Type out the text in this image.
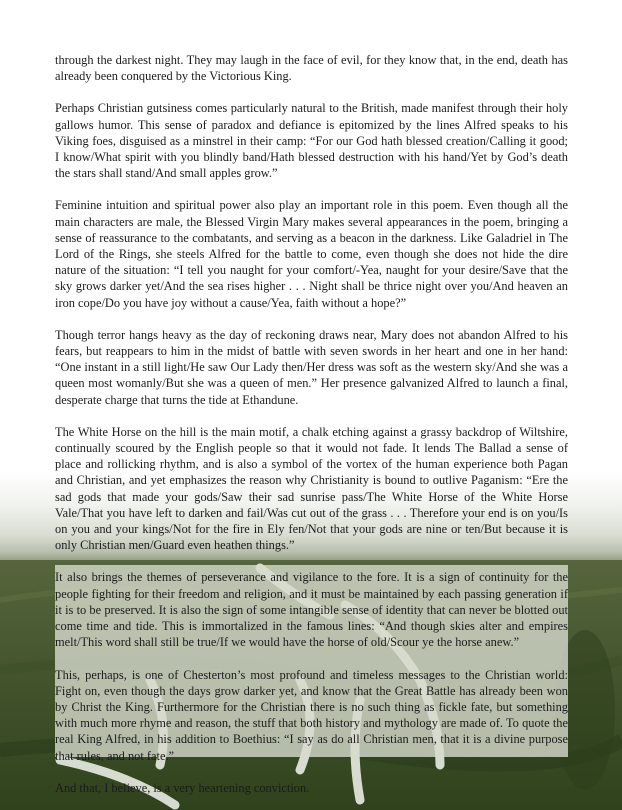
through the darkest night. They may laugh in the face of evil, for they know that, in the end, death has already been conquered by the Victorious King.

Perhaps Christian gutsiness comes particularly natural to the British, made manifest through their holy gallows humor. This sense of paradox and defiance is epitomized by the lines Alfred speaks to his Viking foes, disguised as a minstrel in their camp: “For our God hath blessed creation/Calling it good; I know/What spirit with you blindly band/Hath blessed destruction with his hand/Yet by God’s death the stars shall stand/And small apples grow.”

Feminine intuition and spiritual power also play an important role in this poem. Even though all the main characters are male, the Blessed Virgin Mary makes several appearances in the poem, bringing a sense of reassurance to the combatants, and serving as a beacon in the darkness. Like Galadriel in The Lord of the Rings, she steels Alfred for the battle to come, even though she does not hide the dire nature of the situation: “I tell you naught for your comfort/-Yea, naught for your desire/Save that the sky grows darker yet/And the sea rises higher . . . Night shall be thrice night over you/And heaven an iron cope/Do you have joy without a cause/Yea, faith without a hope?”

Though terror hangs heavy as the day of reckoning draws near, Mary does not abandon Alfred to his fears, but reappears to him in the midst of battle with seven swords in her heart and one in her hand: “One instant in a still light/He saw Our Lady then/Her dress was soft as the western sky/And she was a queen most womanly/But she was a queen of men.” Her presence galvanized Alfred to launch a final, desperate charge that turns the tide at Ethandune.

The White Horse on the hill is the main motif, a chalk etching against a grassy backdrop of Wiltshire, continually scoured by the English people so that it would not fade. It lends The Ballad a sense of place and rollicking rhythm, and is also a symbol of the vortex of the human experience both Pagan and Christian, and yet emphasizes the reason why Christianity is bound to outlive Paganism: “Ere the sad gods that made your gods/Saw their sad sunrise pass/The White Horse of the White Horse Vale/That you have left to darken and fail/Was cut out of the grass . . . Therefore your end is on you/Is on you and your kings/Not for the fire in Ely fen/Not that your gods are nine or ten/But because it is only Christian men/Guard even heathen things.”

It also brings the themes of perseverance and vigilance to the fore. It is a sign of continuity for the people fighting for their freedom and religion, and it must be maintained by each passing generation if it is to be preserved. It is also the sign of some intangible sense of identity that can never be blotted out come time and tide. This is immortalized in the famous lines: “And though skies alter and empires melt/This word shall still be true/If we would have the horse of old/Scour ye the horse anew.”

This, perhaps, is one of Chesterton’s most profound and timeless messages to the Christian world: Fight on, even though the days grow darker yet, and know that the Great Battle has already been won by Christ the King. Furthermore for the Christian there is no such thing as fickle fate, but something with much more rhyme and reason, the stuff that both history and mythology are made of. To quote the real King Alfred, in his addition to Boethius: “I say as do all Christian men, that it is a divine purpose that rules, and not fate.”

And that, I believe, is a very heartening conviction.
